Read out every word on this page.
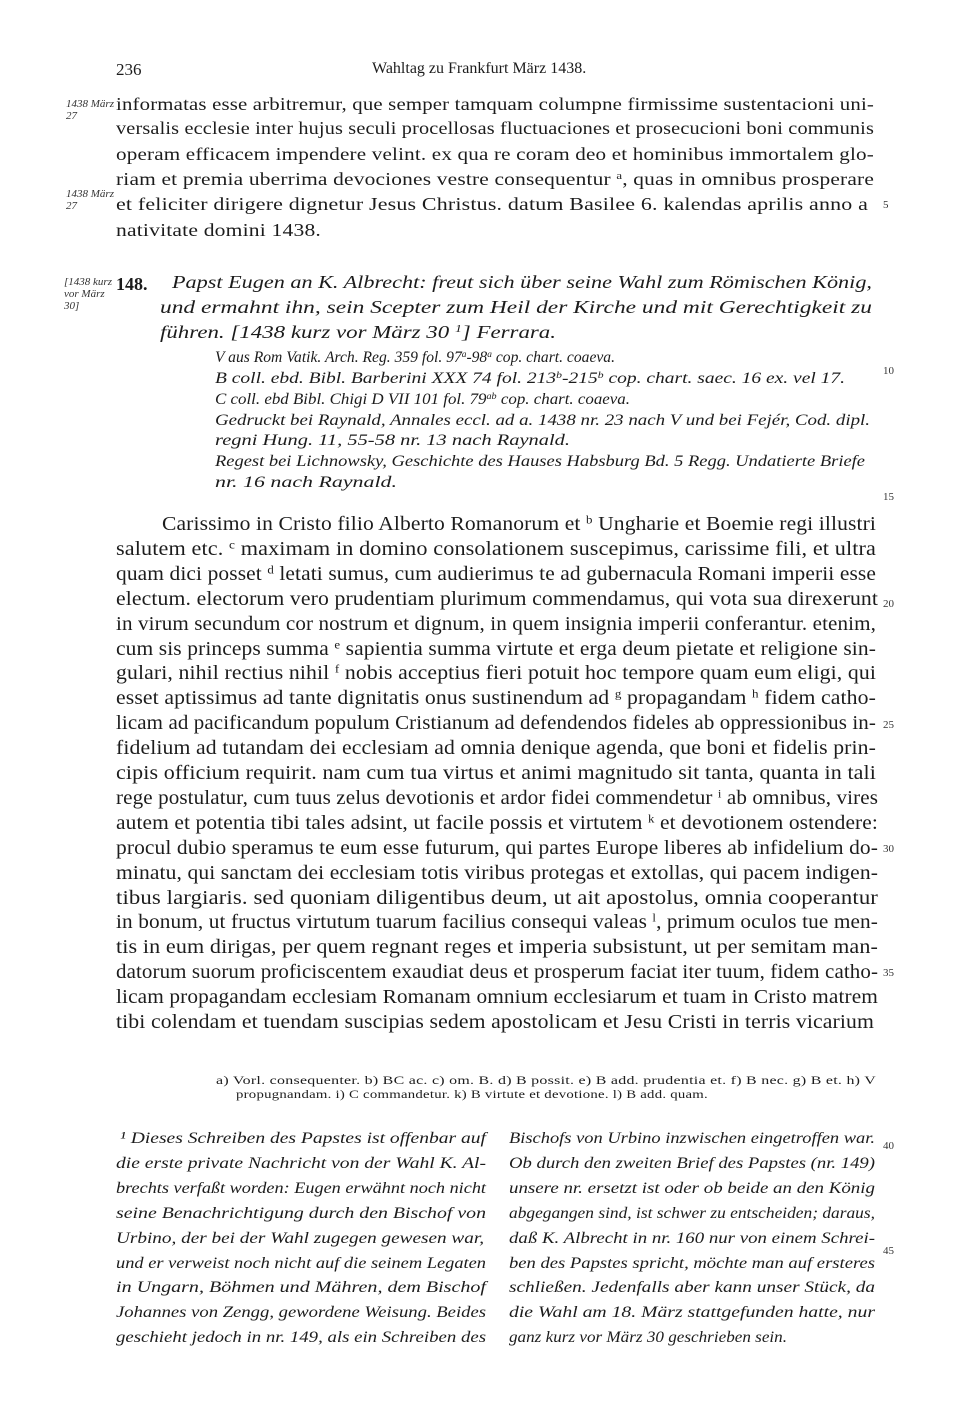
236	Wahltag zu Frankfurt März 1438.
1438 März 27
1438 März 27
[1438 kurz vor März 30]
5
10
15
20
25
30
35
40
45
informatas esse arbitremur, que semper tamquam columpne firmissime sustentacioni uni-
versalis ecclesie inter hujus seculi procellosas fluctuaciones et prosecucioni boni communis
operam efficacem impendere velint. ex qua re coram deo et hominibus immortalem glo-
riam et premia uberrima devociones vestre consequentur $^a$, quas in omnibus prosperare
et feliciter dirigere dignetur Jesus Christus. datum Basilee 6. kalendas aprilis anno a
nativitate domini 1438.
148. Papst Eugen an K. Albrecht: freut sich über seine Wahl zum Römischen König,
und ermahnt ihn, sein Scepter zum Heil der Kirche und mit Gerechtigkeit zu
führen. [1438 kurz vor März 30 $^1$] Ferrara.
V aus Rom Vatik. Arch. Reg. 359 fol. 97$^a$-98$^a$ cop. chart. coaeva.
B coll. ebd. Bibl. Barberini XXX 74 fol. 213$^b$-215$^b$ cop. chart. saec. 16 ex. vel 17.
C coll. ebd Bibl. Chigi D VII 101 fol. $79^{ab}$ cop. chart. coaeva.
Gedruckt bei Raynald, Annales eccl. ad a. 1438 nr. 23 nach V und bei Fejér, Cod. dipl.
regni Hung. 11, 55-58 nr. 13 nach Raynald.
Regest bei Lichnowsky, Geschichte des Hauses Habsburg Bd. 5 Regg. Undatierte Briefe
nr. 16 nach Raynald.
Carissimo in Cristo filio Alberto Romanorum et $^b$ Ungharie et Boemie regi illustri
salutem etc. $^c$ maximam in domino consolationem suscepimus, carissime fili, et ultra
quam dici posset $^d$ letati sumus, cum audierimus te ad gubernacula Romani imperii esse
electum. electorum vero prudentiam plurimum commendamus, qui vota sua direxerunt
in virum secundum cor nostrum et dignum, in quem insignia imperii conferantur. etenim,
cum sis princeps summa $^e$ sapientia summa virtute et erga deum pietate et religione sin-
gulari, nihil rectius nihil $^f$ nobis acceptius fieri potuit hoc tempore quam eum eligi, qui
esset aptissimus ad tante dignitatis onus sustinendum ad $^g$ propagandam $^h$ fidem catho-
licam ad pacificandum populum Cristianum ad defendendos fideles ab oppressionibus in-
fidelium ad tutandam dei ecclesiam ad omnia denique agenda, que boni et fidelis prin-
cipis officium requirit. nam cum tua virtus et animi magnitudo sit tanta, quanta in tali
rege postulatur, cum tuus zelus devotionis et ardor fidei commendetur $^i$ ab omnibus, vires
autem et potentia tibi tales adsint, ut facile possis et virtutem $^k$ et devotionem ostendere:
procul dubio speramus te eum esse futurum, qui partes Europe liberes ab infidelium do-
minatu, qui sanctam dei ecclesiam totis viribus protegas et extollas, qui pacem indigen-
tibus largiaris. sed quoniam diligentibus deum, ut ait apostolus, omnia cooperantur
in bonum, ut fructus virtutum tuarum facilius consequi valeas $^l$, primum oculos tue men-
tis in eum dirigas, per quem regnant reges et imperia subsistunt, ut per semitam man-
datorum suorum proficiscentem exaudiat deus et prosperum faciat iter tuum, fidem catho-
licam propagandam ecclesiam Romanam omnium ecclesiarum et tuam in Cristo matrem
tibi colendam et tuendam suscipias sedem apostolicam et Jesu Cristi in terris vicarium
a) Vorl. consequenter. b) BC ac. c) om. B. d) B possit. e) B add. prudentia et. f) B nec. g) B et. h) V
propugnandam. i) C commandetur. k) B virtute et devotione. l) B add. quam.
¹ Dieses Schreiben des Papstes ist offenbar auf
die erste private Nachricht von der Wahl K. Al-
brechts verfaßt worden: Eugen erwähnt noch nicht
seine Benachrichtigung durch den Bischof von
Urbino, der bei der Wahl zugegen gewesen war,
und er verweist noch nicht auf die seinem Legaten
in Ungarn, Böhmen und Mähren, dem Bischof
Johannes von Zengg, gewordene Weisung. Beides
geschieht jedoch in nr. 149, als ein Schreiben des
Bischofs von Urbino inzwischen eingetroffen war.
Ob durch den zweiten Brief des Papstes (nr. 149)
unsere nr. ersetzt ist oder ob beide an den König
abgegangen sind, ist schwer zu entscheiden; daraus,
daß K. Albrecht in nr. 160 nur von einem Schrei-
ben des Papstes spricht, möchte man auf ersteres
schließen. Jedenfalls aber kann unser Stück, da
die Wahl am 18. März stattgefunden hatte, nur
ganz kurz vor März 30 geschrieben sein.
